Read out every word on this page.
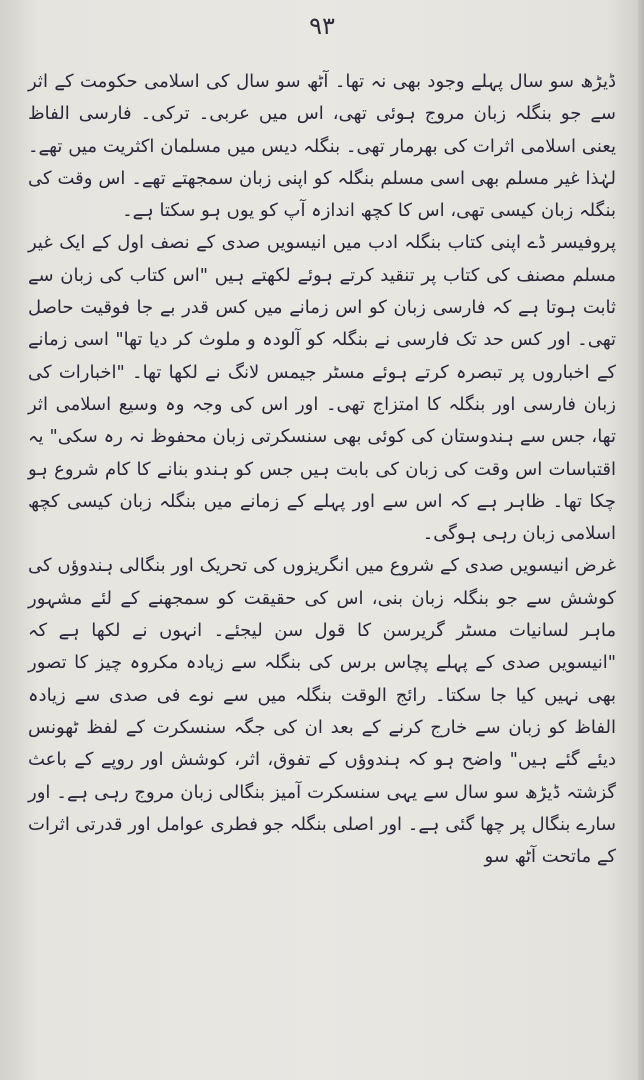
۹۳

ڈیڑھ سو سال پہلے وجود بھی نہ تھا۔ آٹھ سو سال کی اسلامی حکومت کے اثر سے جو بنگلہ زبان مروج ہوئی تھی، اس میں عربی۔ ترکی۔ فارسی الفاظ یعنی اسلامی اثرات کی بھرمار تھی۔ بنگلہ دیس میں مسلمان اکثریت میں تھے۔ لہٰذا غیر مسلم بھی اسی مسلم بنگلہ کو اپنی زبان سمجھتے تھے۔ اس وقت کی بنگلہ زبان کیسی تھی، اس کا کچھ اندازہ آپ کو یوں ہو سکتا ہے۔

پروفیسر ڈے اپنی کتاب بنگلہ ادب میں انیسویں صدی کے نصف اول کے ایک غیر مسلم مصنف کی کتاب پر تنقید کرتے ہوئے لکھتے ہیں "اس کتاب کی زبان سے ثابت ہوتا ہے کہ فارسی زبان کو اس زمانے میں کس قدر بے جا فوقیت حاصل تھی۔ اور کس حد تک فارسی نے بنگلہ کو آلودہ و ملوث کر دیا تھا" اسی زمانے کے اخباروں پر تبصرہ کرتے ہوئے مسٹر جیمس لانگ نے لکھا تھا۔ "اخبارات کی زبان فارسی اور بنگلہ کا امتزاج تھی۔ اور اس کی وجہ وہ وسیع اسلامی اثر تھا، جس سے ہندوستان کی کوئی بھی سنسکرتی زبان محفوظ نہ رہ سکی" یہ اقتباسات اس وقت کی زبان کی بابت ہیں جس کو ہندو بنانے کا کام شروع ہو چکا تھا۔ ظاہر ہے کہ اس سے اور پہلے کے زمانے میں بنگلہ زبان کیسی کچھ اسلامی زبان رہی ہوگی۔

غرض انیسویں صدی کے شروع میں انگریزوں کی تحریک اور بنگالی ہندوؤں کی کوشش سے جو بنگلہ زبان بنی، اس کی حقیقت کو سمجھنے کے لئے مشہور ماہر لسانیات مسٹر گریرسن کا قول سن لیجئے۔ انہوں نے لکھا ہے کہ "انیسویں صدی کے پہلے پچاس برس کی بنگلہ سے زیادہ مکروہ چیز کا تصور بھی نہیں کیا جا سکتا۔ رائج الوقت بنگلہ میں سے نوے فی صدی سے زیادہ الفاظ کو زبان سے خارج کرنے کے بعد ان کی جگہ سنسکرت کے لفظ ٹھونس دیئے گئے ہیں" واضح ہو کہ ہندوؤں کے تفوق، اثر، کوشش اور روپے کے باعث گزشتہ ڈیڑھ سو سال سے یہی سنسکرت آمیز بنگالی زبان مروج رہی ہے۔ اور سارے بنگال پر چھا گئی ہے۔ اور اصلی بنگلہ جو فطری عوامل اور قدرتی اثرات کے ماتحت آٹھ سو
